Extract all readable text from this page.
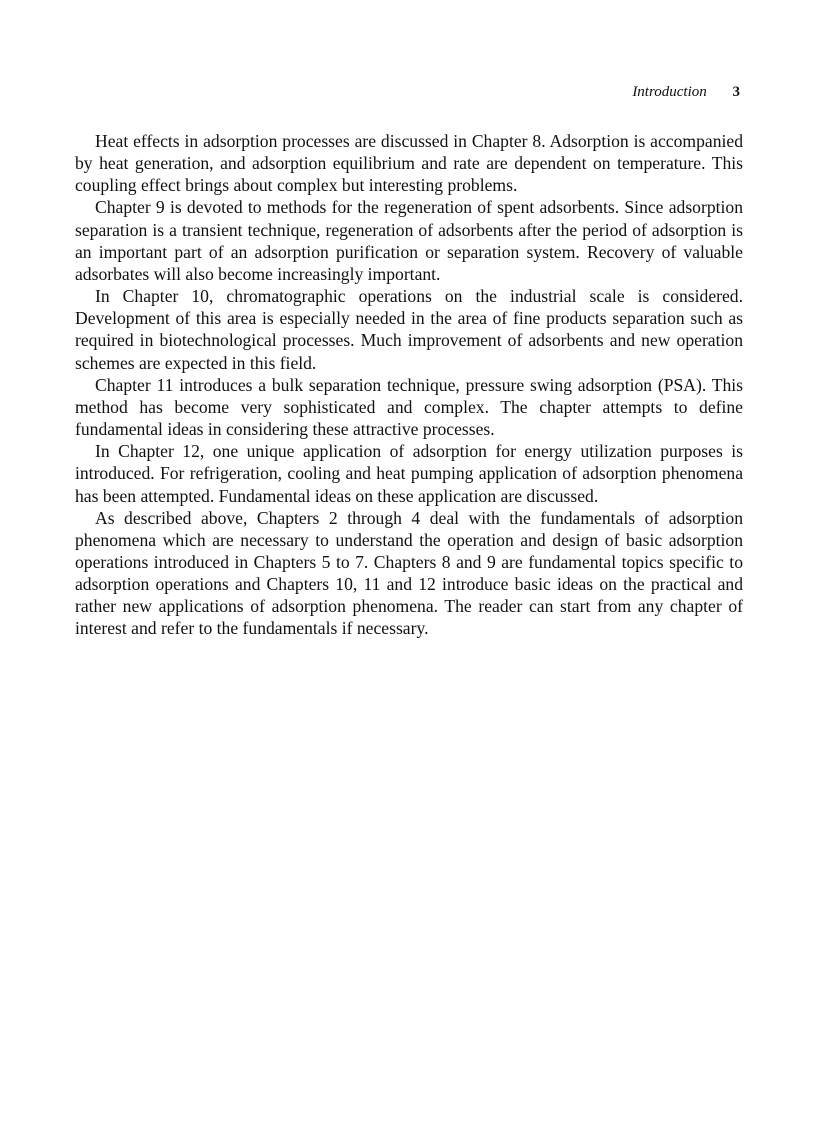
Introduction 3

Heat effects in adsorption processes are discussed in Chapter 8. Adsorption is accompanied by heat generation, and adsorption equilibrium and rate are dependent on temperature. This coupling effect brings about complex but interesting problems.

Chapter 9 is devoted to methods for the regeneration of spent adsorbents. Since adsorption separation is a transient technique, regeneration of adsorbents after the period of adsorption is an important part of an adsorption purification or separation system. Recovery of valuable adsorbates will also become increasingly important.

In Chapter 10, chromatographic operations on the industrial scale is considered. Development of this area is especially needed in the area of fine products separation such as required in biotechnological processes. Much improvement of adsorbents and new operation schemes are expected in this field.

Chapter 11 introduces a bulk separation technique, pressure swing adsorption (PSA). This method has become very sophisticated and complex. The chapter attempts to define fundamental ideas in considering these attractive processes.

In Chapter 12, one unique application of adsorption for energy utilization purposes is introduced. For refrigeration, cooling and heat pumping application of adsorption phenomena has been attempted. Fundamental ideas on these application are discussed.

As described above, Chapters 2 through 4 deal with the fundamentals of adsorption phenomena which are necessary to understand the operation and design of basic adsorption operations introduced in Chapters 5 to 7. Chapters 8 and 9 are fundamental topics specific to adsorption operations and Chapters 10, 11 and 12 introduce basic ideas on the practical and rather new applications of adsorption phenomena. The reader can start from any chapter of interest and refer to the fundamentals if necessary.
